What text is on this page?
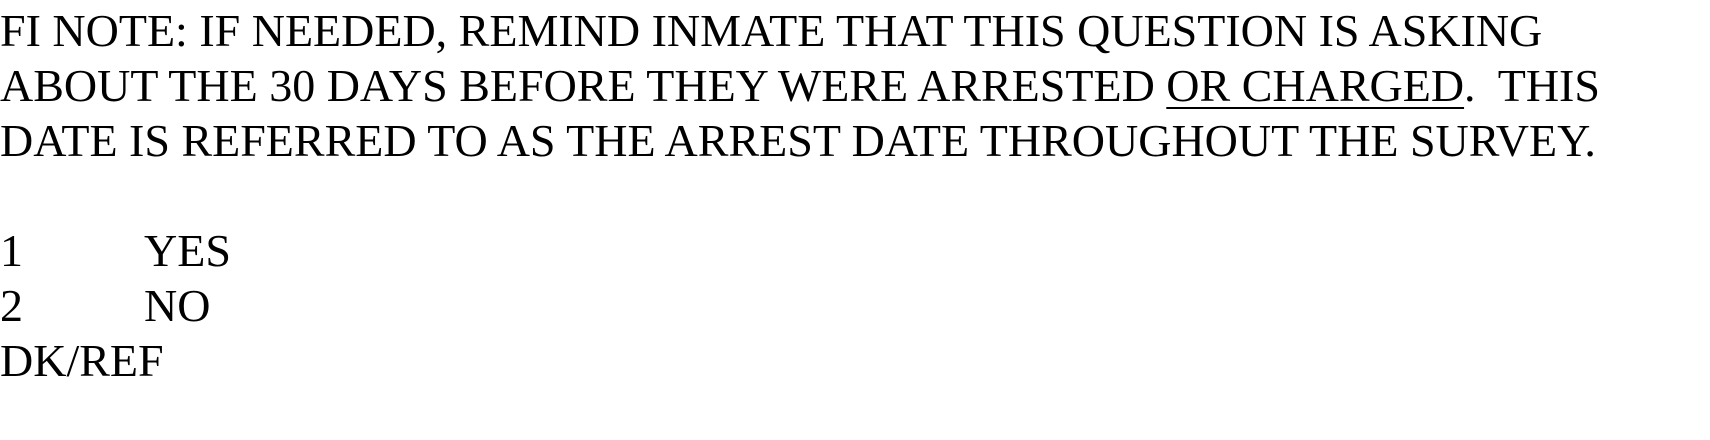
FI NOTE: IF NEEDED, REMIND INMATE THAT THIS QUESTION IS ASKING
ABOUT THE 30 DAYS BEFORE THEY WERE ARRESTED OR CHARGED.  THIS
DATE IS REFERRED TO AS THE ARREST DATE THROUGHOUT THE SURVEY.
1	YES
2	NO
DK/REF
